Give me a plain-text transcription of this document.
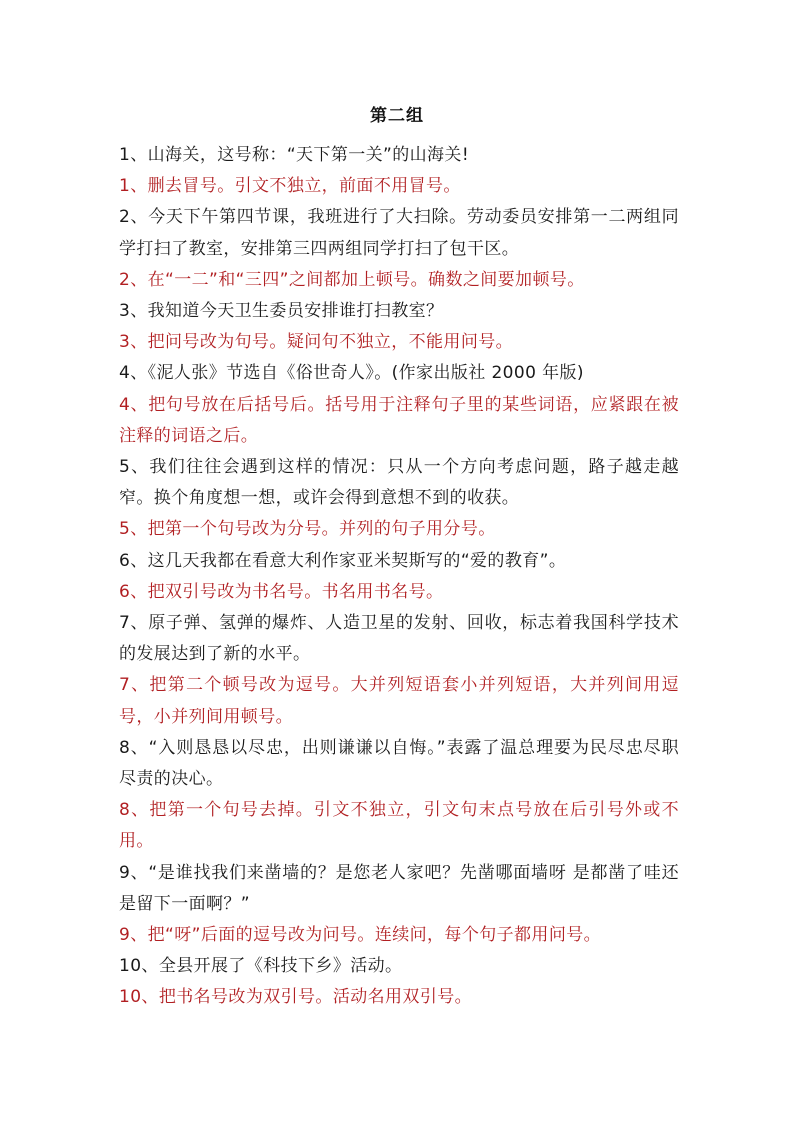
第二组

1、山海关，这号称：“天下第一关”的山海关!

1、删去冒号。引文不独立，前面不用冒号。

2、今天下午第四节课，我班进行了大扫除。劳动委员安排第一二两组同学打扫了教室，安排第三四两组同学打扫了包干区。

2、在“一二”和“三四”之间都加上顿号。确数之间要加顿号。

3、我知道今天卫生委员安排谁打扫教室？

3、把问号改为句号。疑问句不独立，不能用问号。

4、《泥人张》节选自《俗世奇人》。(作家出版社 2000 年版)

4、把句号放在后括号后。括号用于注释句子里的某些词语，应紧跟在被注释的词语之后。

5、我们往往会遇到这样的情况：只从一个方向考虑问题，路子越走越窄。换个角度想一想，或许会得到意想不到的收获。

5、把第一个句号改为分号。并列的句子用分号。

6、这几天我都在看意大利作家亚米契斯写的“爱的教育”。

6、把双引号改为书名号。书名用书名号。

7、原子弹、氢弹的爆炸、人造卫星的发射、回收，标志着我国科学技术的发展达到了新的水平。

7、把第二个顿号改为逗号。大并列短语套小并列短语，大并列间用逗号，小并列间用顿号。

8、“入则恳恳以尽忠，出则谦谦以自悔。”表露了温总理要为民尽忠尽职尽责的决心。

8、把第一个句号去掉。引文不独立，引文句末点号放在后引号外或不用。

9、“是谁找我们来凿墙的？是您老人家吧？先凿哪面墙呀 是都凿了哇还是留下一面啊？”

9、把“呀”后面的逗号改为问号。连续问，每个句子都用问号。

10、全县开展了《科技下乡》活动。

10、把书名号改为双引号。活动名用双引号。
